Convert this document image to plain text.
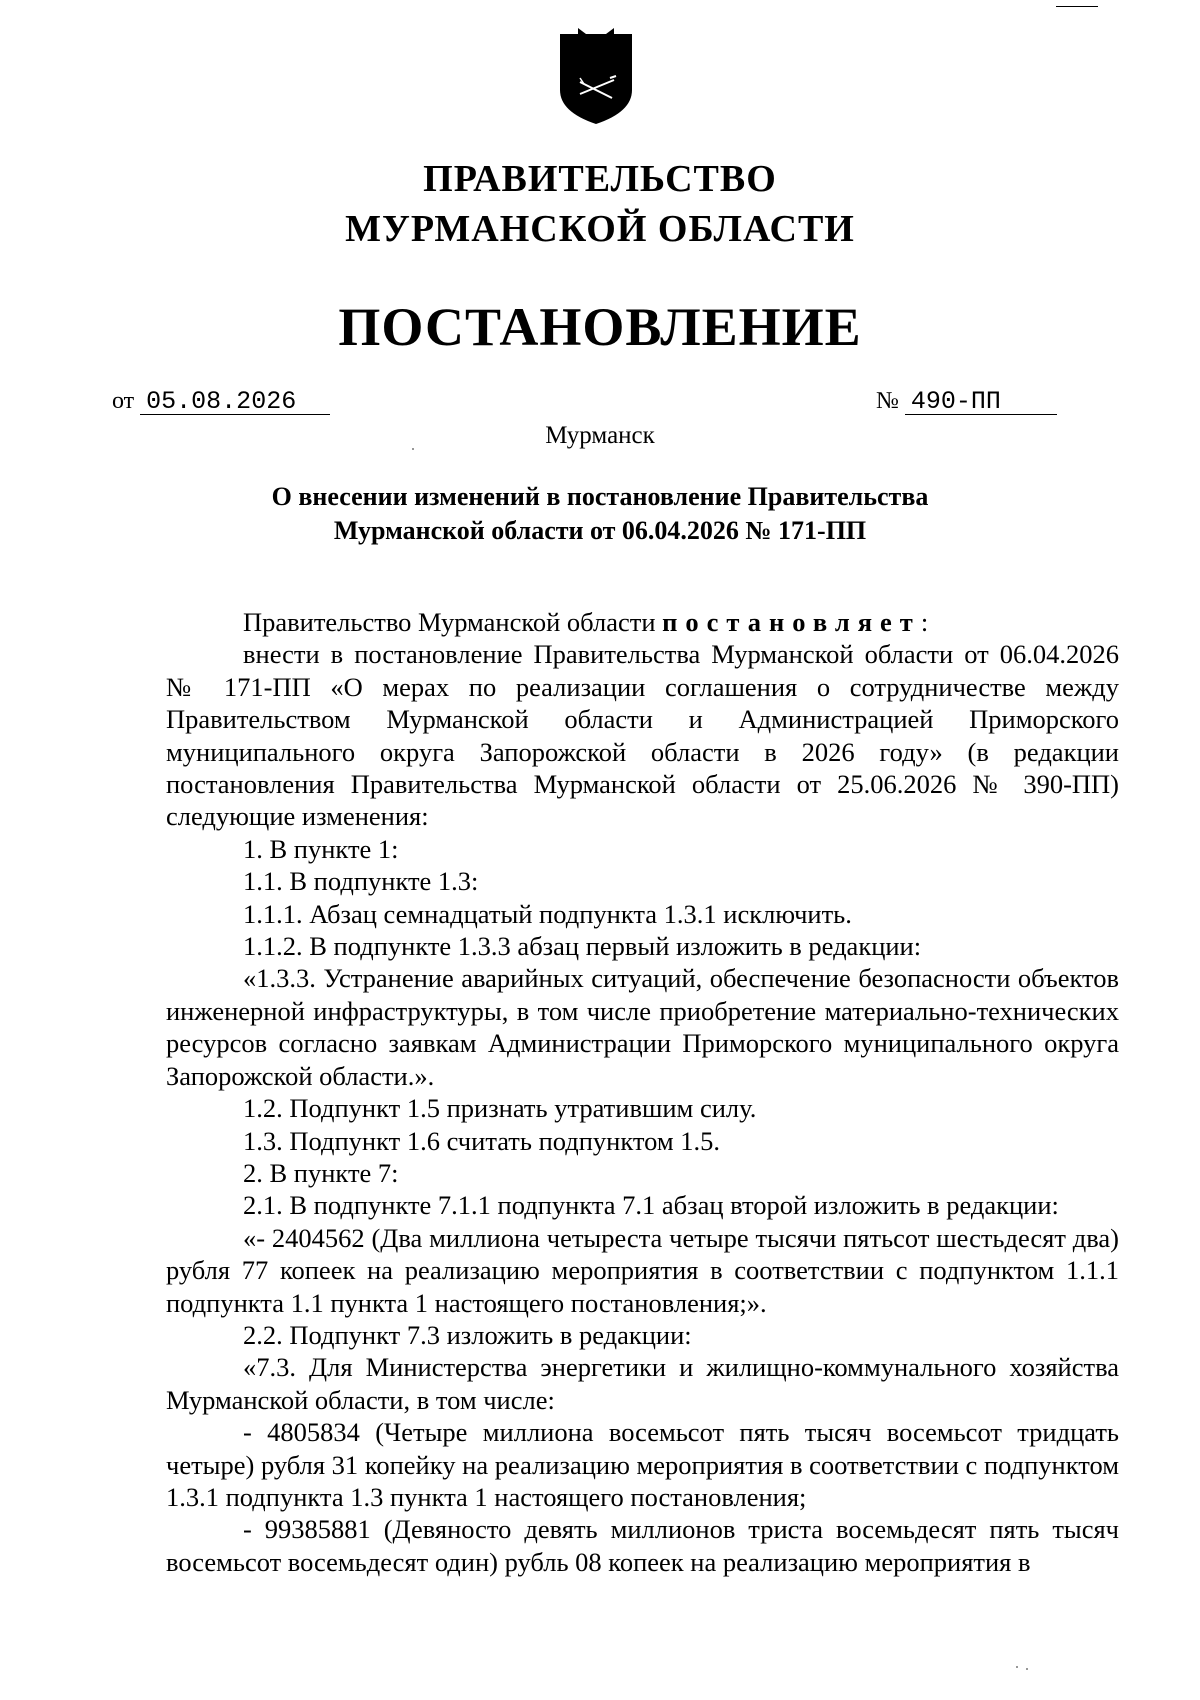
ПРАВИТЕЛЬСТВО
МУРМАНСКОЙ ОБЛАСТИ
ПОСТАНОВЛЕНИЕ
от 05.08.2026	№ 490-ПП
Мурманск
О внесении изменений в постановление Правительства
Мурманской области от 06.04.2026 № 171-ПП

Правительство Мурманской области постановляет:

внести в постановление Правительства Мурманской области от 06.04.2026 № 171-ПП «О мерах по реализации соглашения о сотрудничестве между Правительством Мурманской области и Администрацией Приморского муниципального округа Запорожской области в 2026 году» (в редакции постановления Правительства Мурманской области от 25.06.2026 № 390-ПП) следующие изменения:

1. В пункте 1:

1.1. В подпункте 1.3:

1.1.1. Абзац семнадцатый подпункта 1.3.1 исключить.

1.1.2. В подпункте 1.3.3 абзац первый изложить в редакции:

«1.3.3. Устранение аварийных ситуаций, обеспечение безопасности объектов инженерной инфраструктуры, в том числе приобретение материально-технических ресурсов согласно заявкам Администрации Приморского муниципального округа Запорожской области.».

1.2. Подпункт 1.5 признать утратившим силу.

1.3. Подпункт 1.6 считать подпунктом 1.5.

2. В пункте 7:

2.1. В подпункте 7.1.1 подпункта 7.1 абзац второй изложить в редакции:

«- 2404562 (Два миллиона четыреста четыре тысячи пятьсот шестьдесят два) рубля 77 копеек на реализацию мероприятия в соответствии с подпунктом 1.1.1 подпункта 1.1 пункта 1 настоящего постановления;».

2.2. Подпункт 7.3 изложить в редакции:

«7.3. Для Министерства энергетики и жилищно-коммунального хозяйства Мурманской области, в том числе:

- 4805834 (Четыре миллиона восемьсот пять тысяч восемьсот тридцать четыре) рубля 31 копейку на реализацию мероприятия в соответствии с подпунктом 1.3.1 подпункта 1.3 пункта 1 настоящего постановления;

- 99385881 (Девяносто девять миллионов триста восемьдесят пять тысяч восемьсот восемьдесят один) рубль 08 копеек на реализацию мероприятия в
